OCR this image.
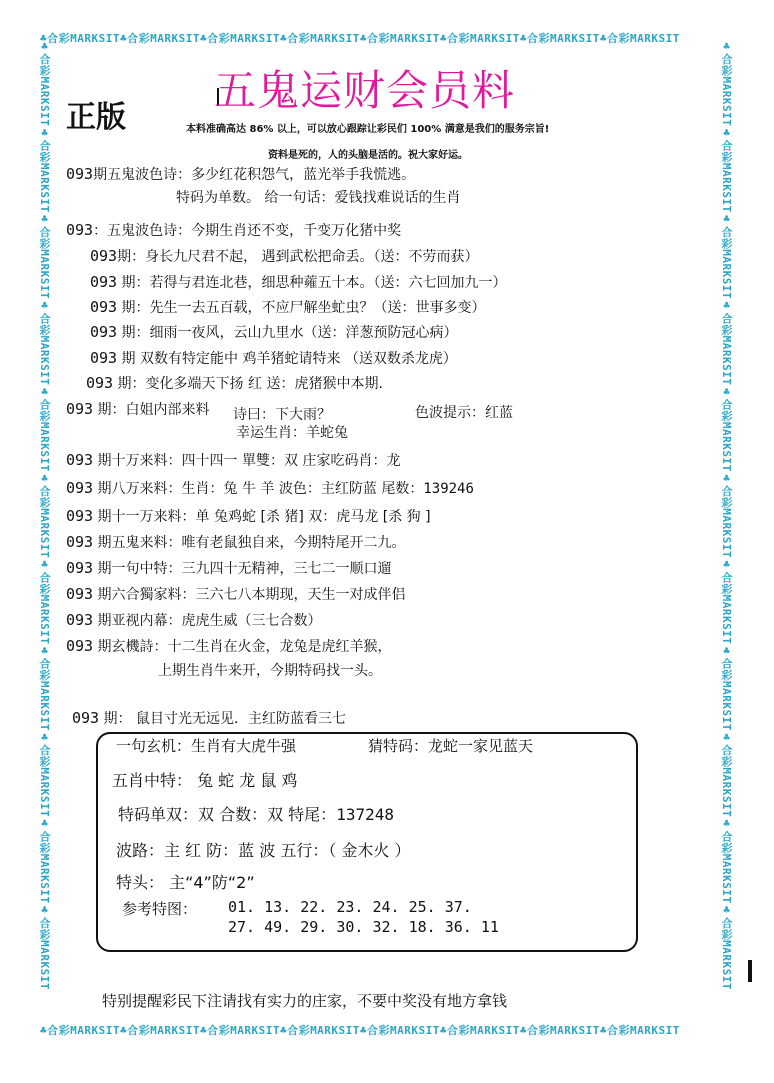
♣合彩MARKSIT♣合彩MARKSIT♣合彩MARKSIT♣合彩MARKSIT♣合彩MARKSIT♣合彩MARKSIT♣合彩MARKSIT♣合彩MARKSIT
♣合彩MARKSIT♣合彩MARKSIT♣合彩MARKSIT♣合彩MARKSIT♣合彩MARKSIT♣合彩MARKSIT♣合彩MARKSIT♣合彩MARKSIT
♣合彩MARKSIT♣合彩MARKSIT♣合彩MARKSIT♣合彩MARKSIT♣合彩MARKSIT♣合彩MARKSIT♣合彩MARKSIT♣合彩MARKSIT♣合彩MARKSIT♣合彩MARKSIT♣合彩MARKSIT	♣合彩MARKSIT♣合彩MARKSIT♣合彩MARKSIT♣合彩MARKSIT♣合彩MARKSIT♣合彩MARKSIT♣合彩MARKSIT♣合彩MARKSIT♣合彩MARKSIT♣合彩MARKSIT♣合彩MARKSIT
五鬼运财会员料
正版	本料准确高达 86% 以上，可以放心跟踪让彩民们 100% 满意是我们的服务宗旨!
资料是死的，人的头脑是活的。祝大家好运。
093期五鬼波色诗：多少红花积怨气，蓝光举手我慌逃。
特码为单数。 给一句话：爱钱找难说话的生肖
093：五鬼波色诗：今期生肖还不变，千变万化猪中奖
093期：身长九尺君不起， 遇到武松把命丢。（送：不劳而获）
093 期：若得与君连北巷，细思种蕹五十本。（送：六七回加九一）
093 期：先生一去五百载，不应尸解坐虻虫？（送：世事多变）
093 期：细雨一夜风，云山九里水（送：洋葱预防冠心病）
093 期 双数有特定能中 鸡羊猪蛇请特来 （送双数杀龙虎）
093 期：变化多端天下扬 红 送：虎猪猴中本期.
093 期：白姐内部来料 诗曰：下大雨？	色波提示：红蓝
幸运生肖：羊蛇兔
093 期十万来料：四十四一 單雙：双 庄家吃码肖：龙
093 期八万来料：生肖：兔 牛 羊 波色：主红防蓝 尾数：139246
093 期十一万来料：单 兔鸡蛇 [杀 猪] 双：虎马龙 [杀 狗 ]
093 期五鬼来料：唯有老鼠独自来，今期特尾开二九。
093 期一句中特：三九四十无精神，三七二一顺口遛
093 期六合獨家料：三六七八本期现，天生一对成伴侣
093 期亚视内幕：虎虎生威（三七合数）
093 期玄機詩：十二生肖在火金，龙兔是虎红羊猴，
上期生肖牛来开，今期特码找一头。
093 期： 鼠目寸光无远见．主红防蓝看三七
一句玄机：生肖有大虎牛强	猜特码：龙蛇一家见蓝天
五肖中特： 兔 蛇 龙 鼠 鸡
特码单双：双 合数：双 特尾：137248
波路：主 红 防：蓝 波 五行：（ 金木火 ）
特头： 主“4”防“2”
参考特图： 01. 13. 22. 23. 24. 25. 37.
27. 49. 29. 30. 32. 18. 36. 11
特别提醒彩民下注请找有实力的庄家，不要中奖没有地方拿钱
